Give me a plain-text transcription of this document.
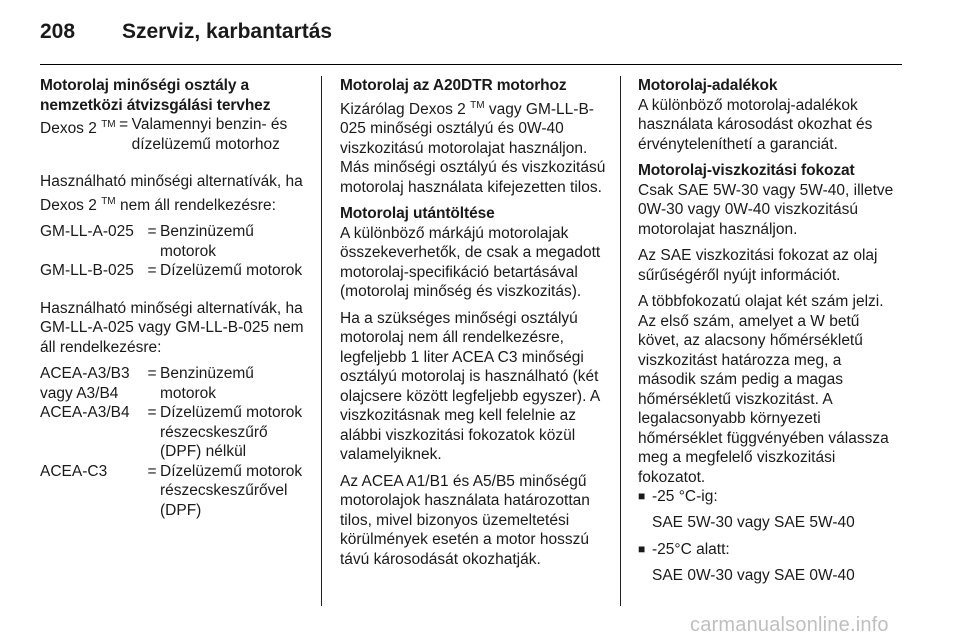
208 Szerviz, karbantartás
Motorolaj minőségi osztály a nemzetközi átvizsgálási tervhez
Dexos 2 ™	=	Valamennyi benzin- és dízelüzemű motorhoz

Használható minőségi alternatívák, ha Dexos 2 ™ nem áll rendelkezésre:

GM-LL-A-025	=	Benzinüzemű motorok
GM-LL-B-025	=	Dízelüzemű motorok

Használható minőségi alternatívák, ha GM-LL-A-025 vagy GM-LL-B-025 nem áll rendelkezésre:

ACEA-A3/B3 vagy A3/B4	=	Benzinüzemű motorok
ACEA-A3/B4	=	Dízelüzemű motorok részecskeszűrő (DPF) nélkül
ACEA-C3	=	Dízelüzemű motorok részecskeszűrővel (DPF)
Motorolaj az A20DTR motorhoz

Kizárólag Dexos 2 ™ vagy GM-LL-B-025 minőségi osztályú és 0W-40 viszkozitású motorolajat használjon. Más minőségi osztályú és viszkozitású motorolaj használata kifejezetten tilos.

Motorolaj utántöltése

A különböző márkájú motorolajak összekeverhetők, de csak a megadott motorolaj-specifikáció betartásával (motorolaj minőség és viszkozitás).

Ha a szükséges minőségi osztályú motorolaj nem áll rendelkezésre, legfeljebb 1 liter ACEA C3 minőségi osztályú motorolaj is használható (két olajcsere között legfeljebb egyszer). A viszkozitásnak meg kell felelnie az alábbi viszkozitási fokozatok közül valamelyiknek.

Az ACEA A1/B1 és A5/B5 minőségű motorolajok használata határozottan tilos, mivel bizonyos üzemeltetési körülmények esetén a motor hosszú távú károsodását okozhatják.

Motorolaj-adalékok

A különböző motorolaj-adalékok használata károsodást okozhat és érvényteleníthetí a garanciát.

Motorolaj-viszkozitási fokozat

Csak SAE 5W-30 vagy 5W-40, illetve 0W-30 vagy 0W-40 viszkozitású motorolajat használjon.

Az SAE viszkozitási fokozat az olaj sűrűségéről nyújt információt.

A többfokozatú olajat két szám jelzi. Az első szám, amelyet a W betű követ, az alacsony hőmérsékletű viszkozitást határozza meg, a második szám pedig a magas hőmérsékletű viszkozitást. A legalacsonyabb környezeti hőmérséklet függvényében válassza meg a megfelelő viszkozitási fokozatot.

■ -25 °C-ig:
SAE 5W-30 vagy SAE 5W-40
■ -25°C alatt:
SAE 0W-30 vagy SAE 0W-40
carmanualsonline.info
